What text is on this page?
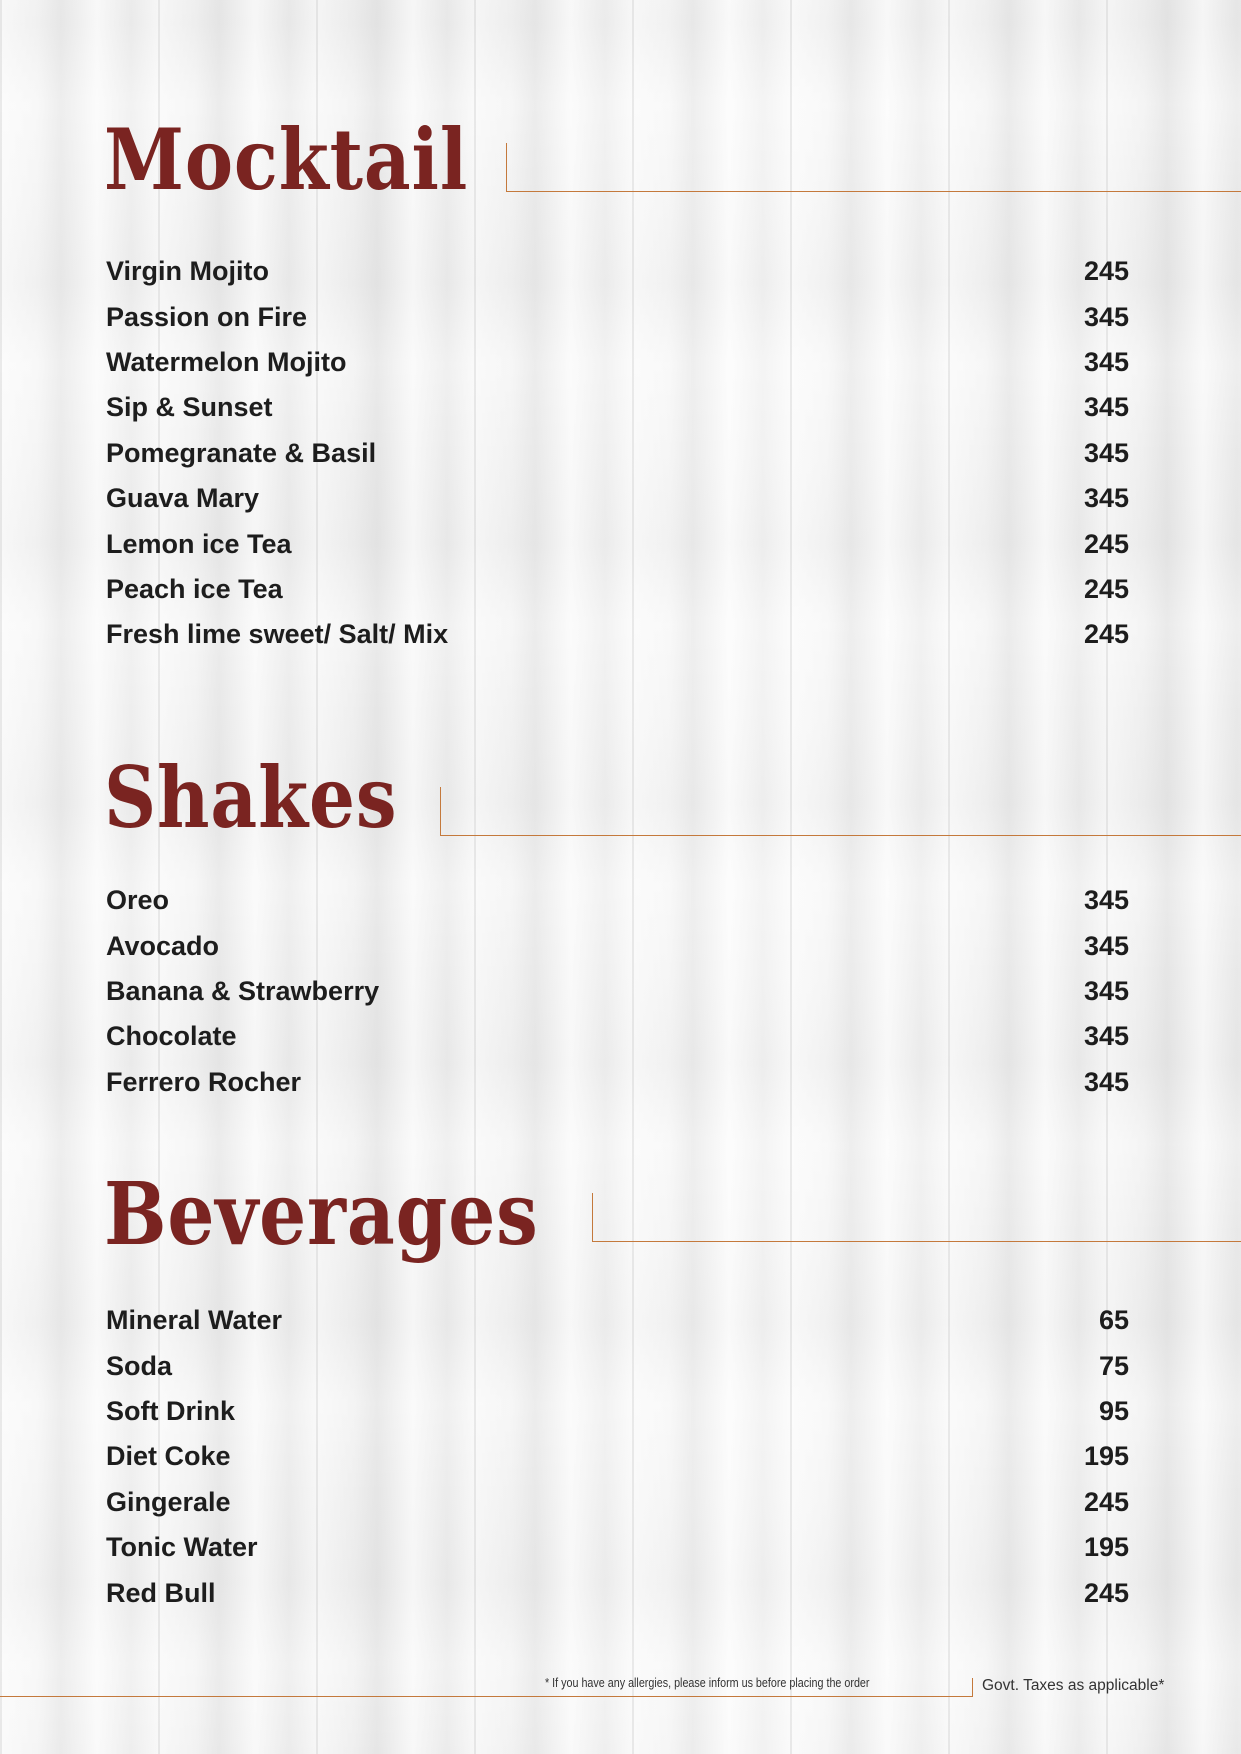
Mocktail
Virgin Mojito	245
Passion on Fire	345
Watermelon Mojito	345
Sip & Sunset	345
Pomegranate & Basil	345
Guava Mary	345
Lemon ice Tea	245
Peach ice Tea	245
Fresh lime sweet/ Salt/ Mix	245
Shakes
Oreo	345
Avocado	345
Banana & Strawberry	345
Chocolate	345
Ferrero Rocher	345
Beverages
Mineral Water	65
Soda	75
Soft Drink	95
Diet Coke	195
Gingerale	245
Tonic Water	195
Red Bull	245
* If you have any allergies, please inform us before placing the order	Govt. Taxes as applicable*
